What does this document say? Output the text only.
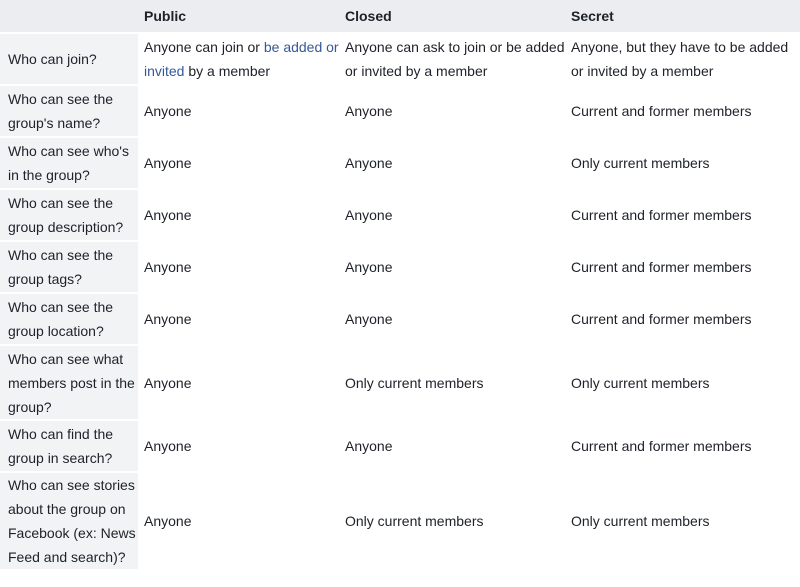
	Public	Closed	Secret
Who can join?	Anyone can join or be added or invited by a member	Anyone can ask to join or be added or invited by a member	Anyone, but they have to be added or invited by a member
Who can see the group's name?	Anyone	Anyone	Current and former members
Who can see who's in the group?	Anyone	Anyone	Only current members
Who can see the group description?	Anyone	Anyone	Current and former members
Who can see the group tags?	Anyone	Anyone	Current and former members
Who can see the group location?	Anyone	Anyone	Current and former members
Who can see what members post in the group?	Anyone	Only current members	Only current members
Who can find the group in search?	Anyone	Anyone	Current and former members
Who can see stories about the group on Facebook (ex: News Feed and search)?	Anyone	Only current members	Only current members
